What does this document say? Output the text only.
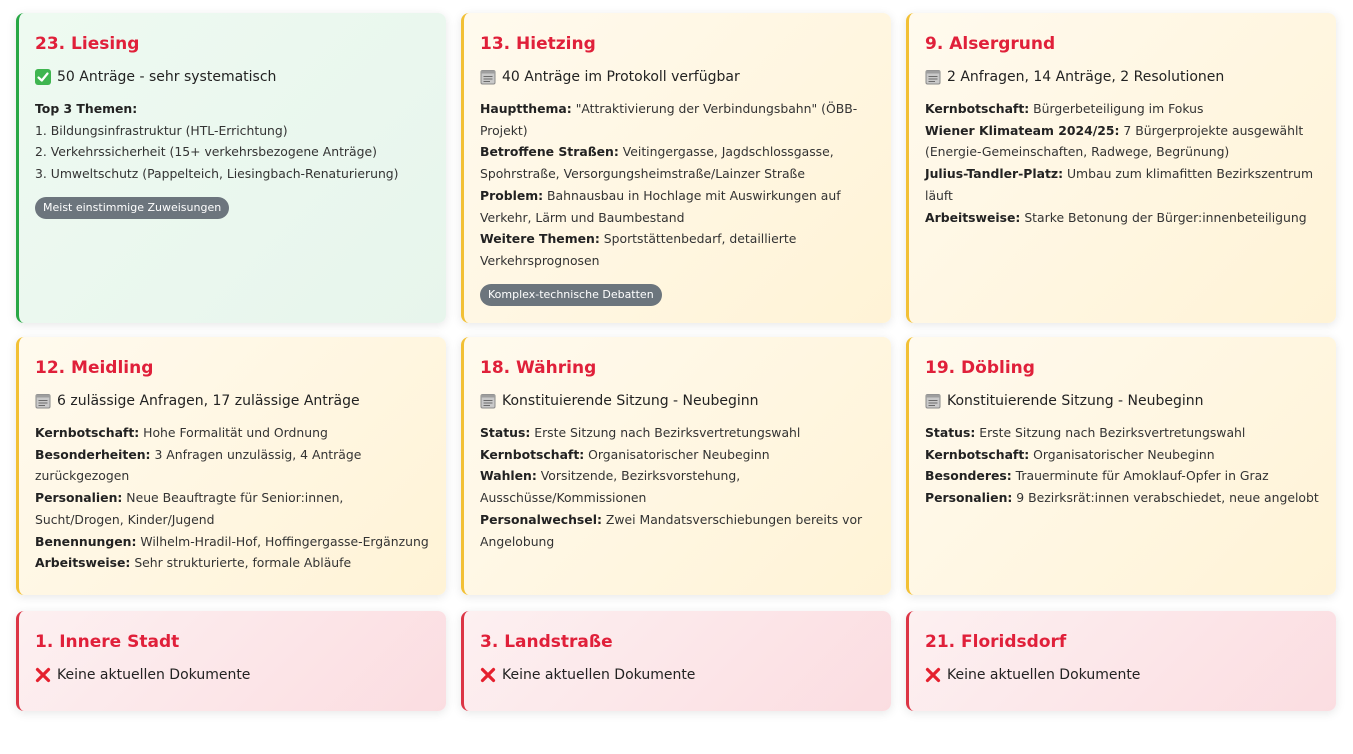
23. Liesing
50 Anträge - sehr systematisch
Top 3 Themen:
1. Bildungsinfrastruktur (HTL-Errichtung)
2. Verkehrssicherheit (15+ verkehrsbezogene Anträge)
3. Umweltschutz (Pappelteich, Liesingbach-Renaturierung)
Meist einstimmige Zuweisungen
13. Hietzing
40 Anträge im Protokoll verfügbar
Hauptthema: "Attraktivierung der Verbindungsbahn" (ÖBB-Projekt)
Betroffene Straßen: Veitingergasse, Jagdschlossgasse, Spohrstraße, Versorgungsheimstraße/Lainzer Straße
Problem: Bahnausbau in Hochlage mit Auswirkungen auf Verkehr, Lärm und Baumbestand
Weitere Themen: Sportstättenbedarf, detaillierte Verkehrsprognosen
Komplex-technische Debatten
9. Alsergrund
2 Anfragen, 14 Anträge, 2 Resolutionen
Kernbotschaft: Bürgerbeteiligung im Fokus
Wiener Klimateam 2024/25: 7 Bürgerprojekte ausgewählt (Energie-Gemeinschaften, Radwege, Begrünung)
Julius-Tandler-Platz: Umbau zum klimafitten Bezirkszentrum läuft
Arbeitsweise: Starke Betonung der Bürger:innenbeteiligung
12. Meidling
6 zulässige Anfragen, 17 zulässige Anträge
Kernbotschaft: Hohe Formalität und Ordnung
Besonderheiten: 3 Anfragen unzulässig, 4 Anträge zurückgezogen
Personalien: Neue Beauftragte für Senior:innen, Sucht/Drogen, Kinder/Jugend
Benennungen: Wilhelm-Hradil-Hof, Hoffingergasse-Ergänzung
Arbeitsweise: Sehr strukturierte, formale Abläufe
18. Währing
Konstituierende Sitzung - Neubeginn
Status: Erste Sitzung nach Bezirksvertretungswahl
Kernbotschaft: Organisatorischer Neubeginn
Wahlen: Vorsitzende, Bezirksvorstehung, Ausschüsse/Kommissionen
Personalwechsel: Zwei Mandatsverschiebungen bereits vor Angelobung
19. Döbling
Konstituierende Sitzung - Neubeginn
Status: Erste Sitzung nach Bezirksvertretungswahl
Kernbotschaft: Organisatorischer Neubeginn
Besonderes: Trauerminute für Amoklauf-Opfer in Graz
Personalien: 9 Bezirksrät:innen verabschiedet, neue angelobt
1. Innere Stadt
Keine aktuellen Dokumente
3. Landstraße
Keine aktuellen Dokumente
21. Floridsdorf
Keine aktuellen Dokumente
